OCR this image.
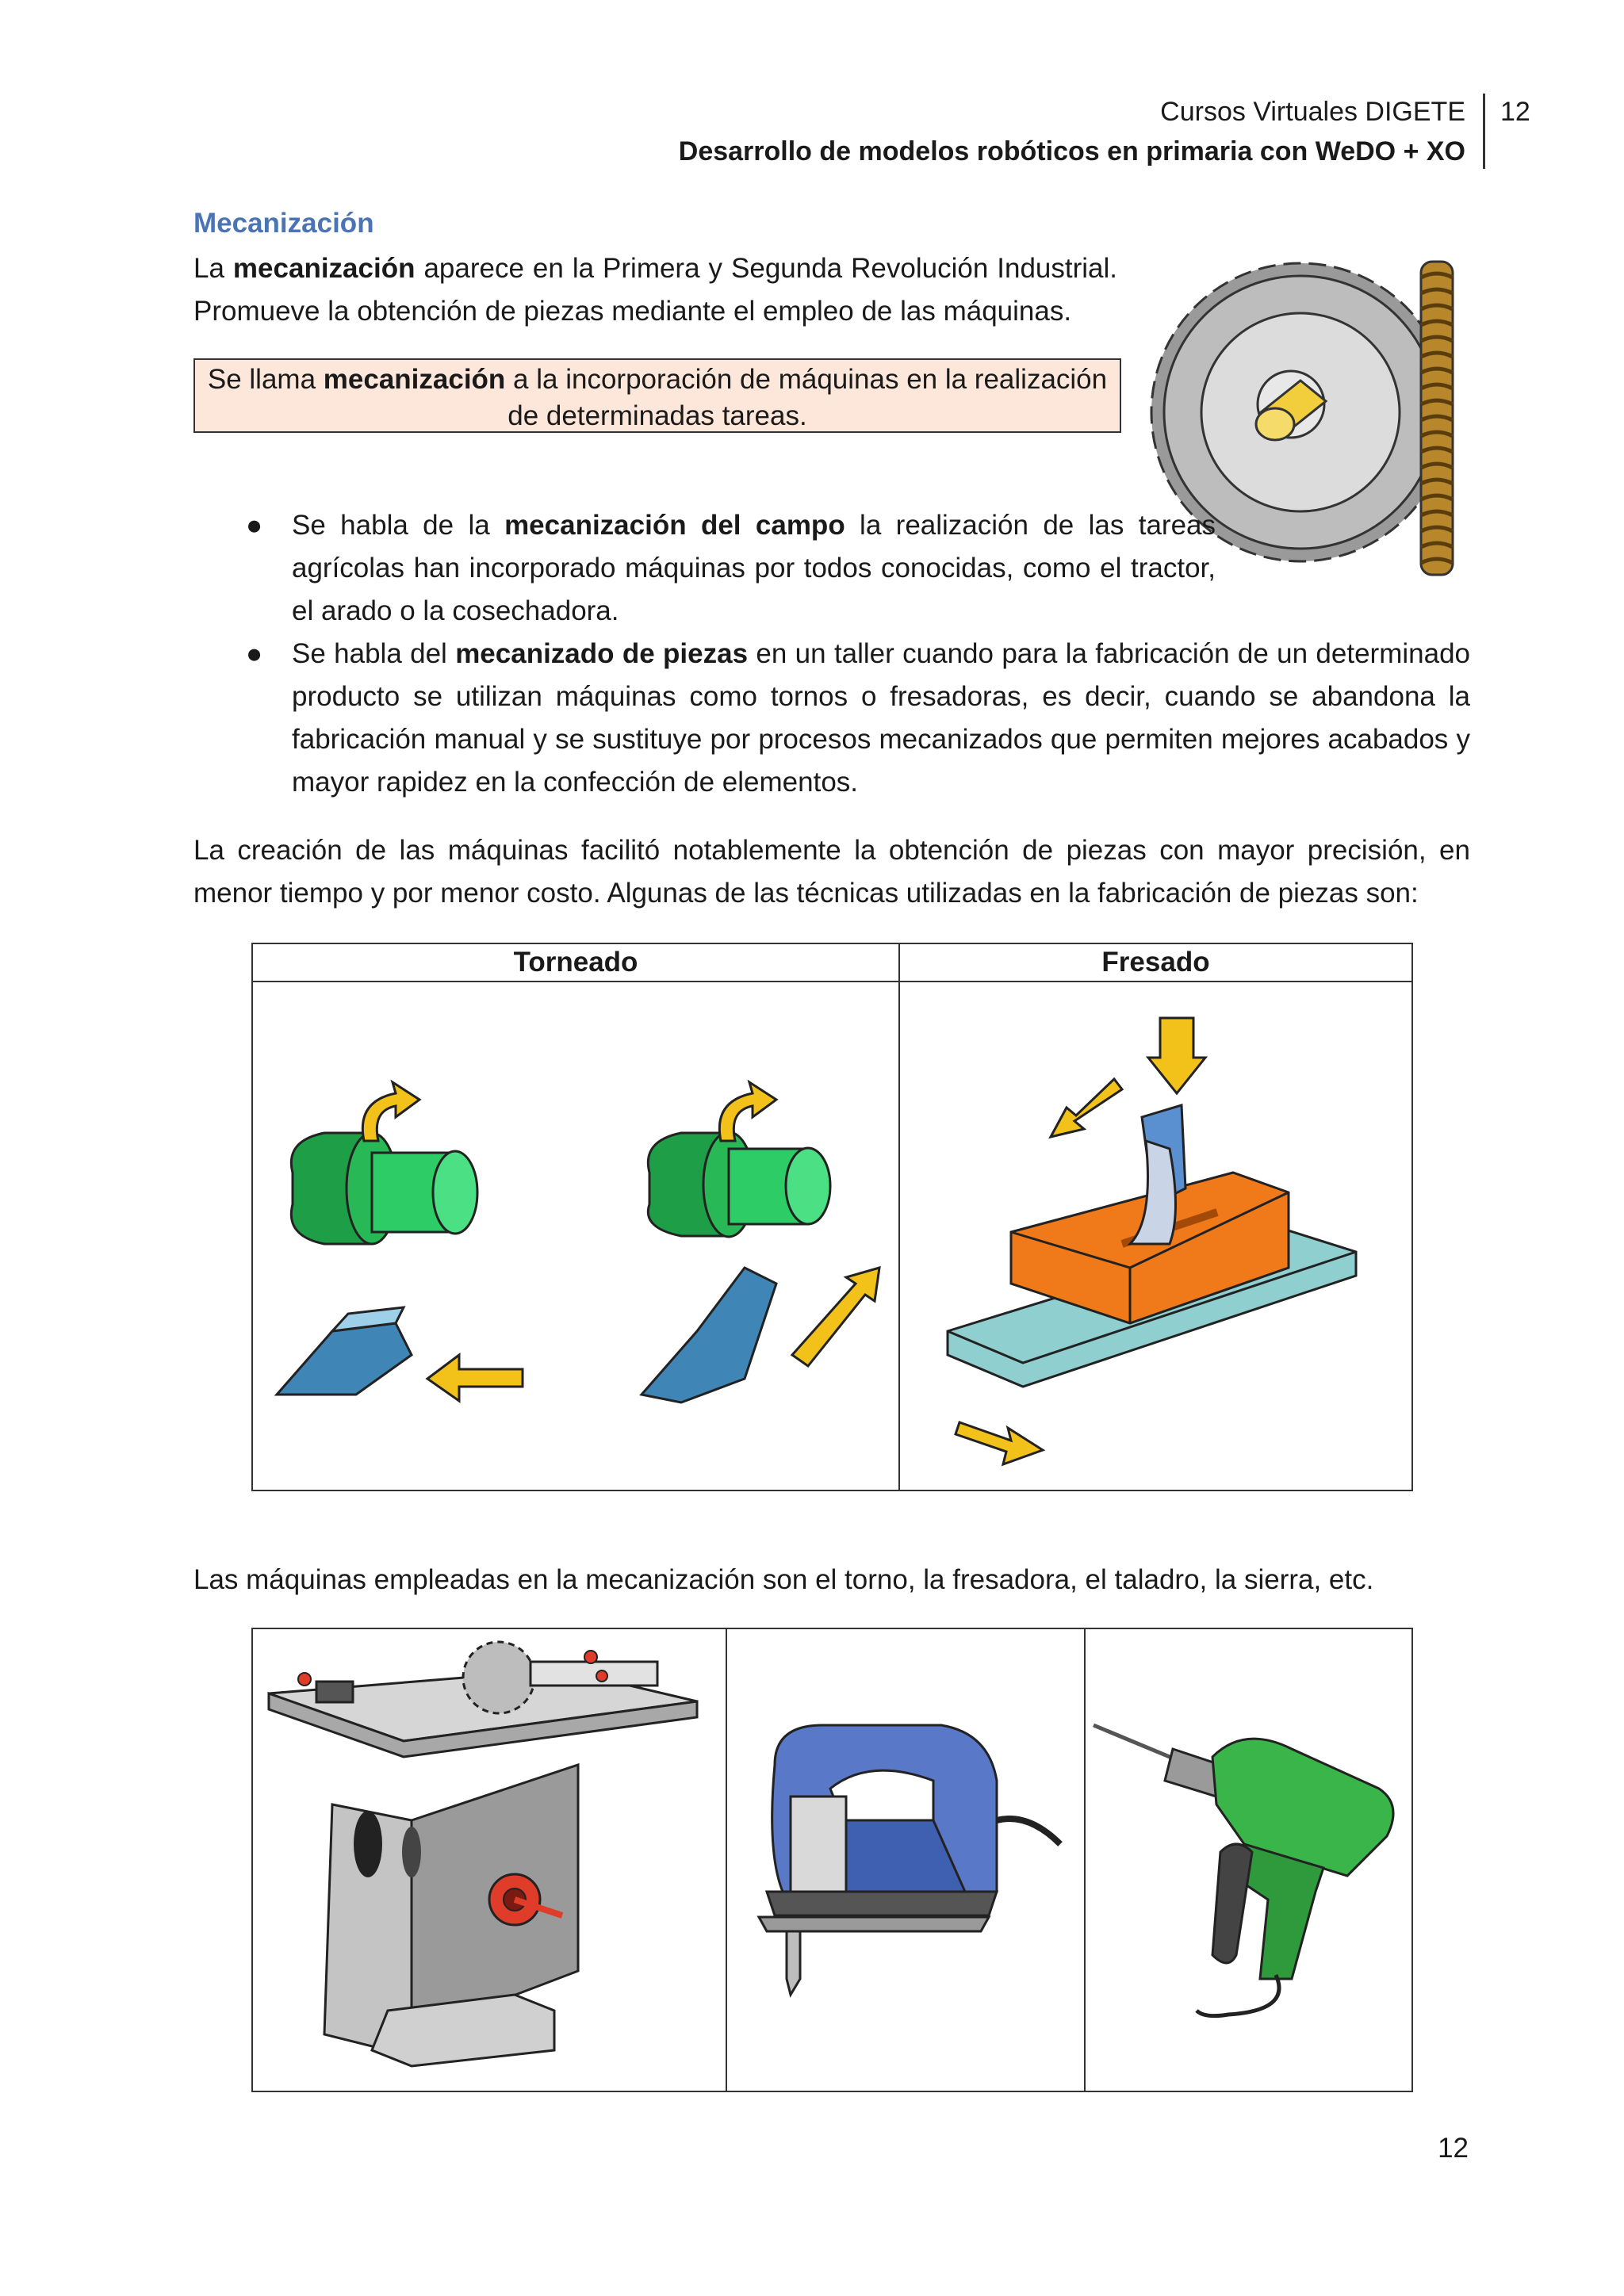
Cursos Virtuales DIGETE
Desarrollo de modelos robóticos en primaria con WeDO + XO
12
Mecanización
La mecanización aparece en la Primera y Segunda Revolución Industrial.
Promueve la obtención de piezas mediante el empleo de las máquinas.
Se llama mecanización a la incorporación de máquinas en la realización de determinadas tareas.
● Se habla de la mecanización del campo la realización de las tareas agrícolas han incorporado máquinas por todos conocidas, como el tractor, el arado o la cosechadora.
● Se habla del mecanizado de piezas en un taller cuando para la fabricación de un determinado producto se utilizan máquinas como tornos o fresadoras, es decir, cuando se abandona la fabricación manual y se sustituye por procesos mecanizados que permiten mejores acabados y mayor rapidez en la confección de elementos.
La creación de las máquinas facilitó notablemente la obtención de piezas con mayor precisión, en menor tiempo y por menor costo. Algunas de las técnicas utilizadas en la fabricación de piezas son:
Torneado	Fresado

Las máquinas empleadas en la mecanización son el torno, la fresadora, el taladro, la sierra, etc.

12
